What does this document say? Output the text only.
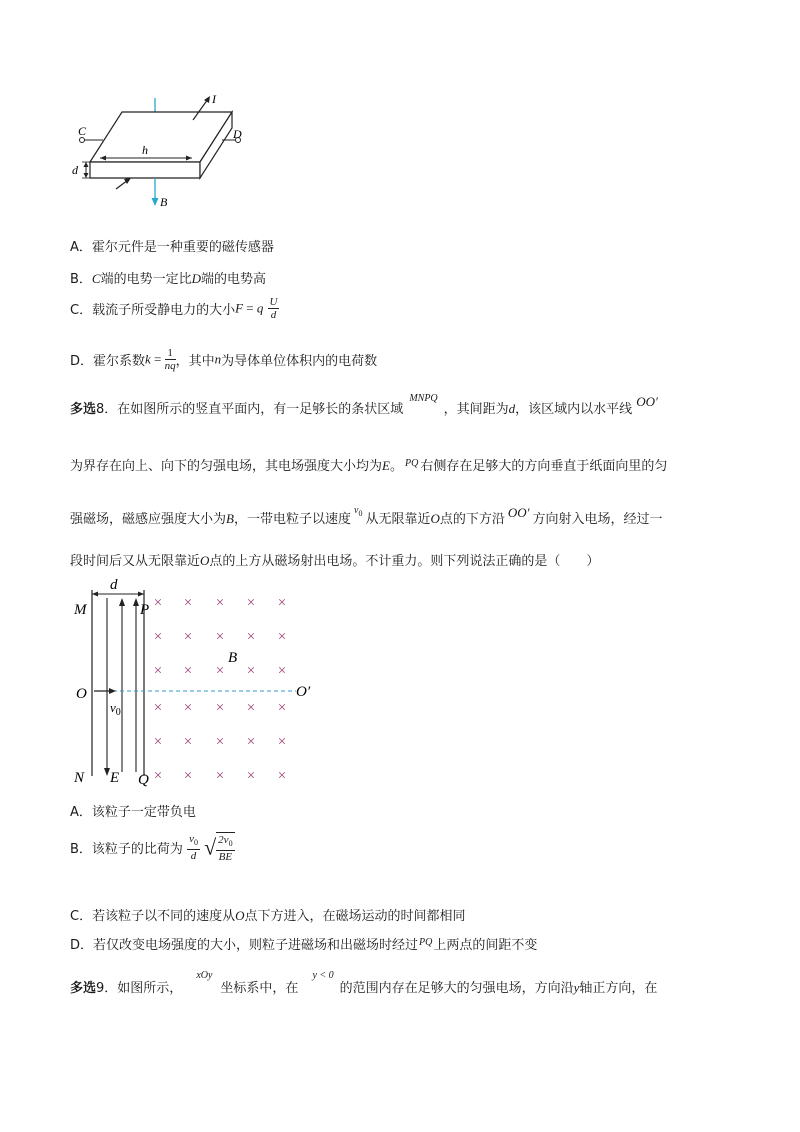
C	D
h
d
I
B
A．霍尔元件是一种重要的磁传感器
B．C端的电势一定比D端的电势高
C．载流子所受静电力的大小F = q $\frac{U}{d}$
D．霍尔系数$k = \frac{1}{nq}$ ，其中n为导体单位体积内的电荷数
多选8．在如图所示的竖直平面内，有一足够长的条状区域$^{MNPQ}$，其间距为d，该区域内以水平线OO′
为界存在向上、向下的匀强电场，其电场强度大小均为E。 $^{PQ}$ 右侧存在足够大的方向垂直于纸面向里的匀
强磁场，磁感应强度大小为B，一带电粒子以速度$^{v_0}$ 从无限靠近O点的下方沿 OO′ 方向射入电场，经过一
段时间后又从无限靠近O点的上方从磁场射出电场。不计重力。则下列说法正确的是（　　）
d
× × × × ×
× × × × ×
× × × × ×
× × × × ×
× × × × ×
× × × × ×
M	P
N	Q
O	O′
B
E
$v_0$
A．该粒子一定带负电
B．该粒子的比荷为 $\frac{v_0}{d}$ √ $\frac{2v_0}{BE}$
C．若该粒子以不同的速度从O点下方进入，在磁场运动的时间都相同
D．若仅改变电场强度的大小，则粒子进磁场和出磁场时经过$^{PQ}$上两点的间距不变
多选9．如图所示，$^{xOy}$坐标系中，在$^{y < 0}$的范围内存在足够大的匀强电场，方向沿y轴正方向，在
